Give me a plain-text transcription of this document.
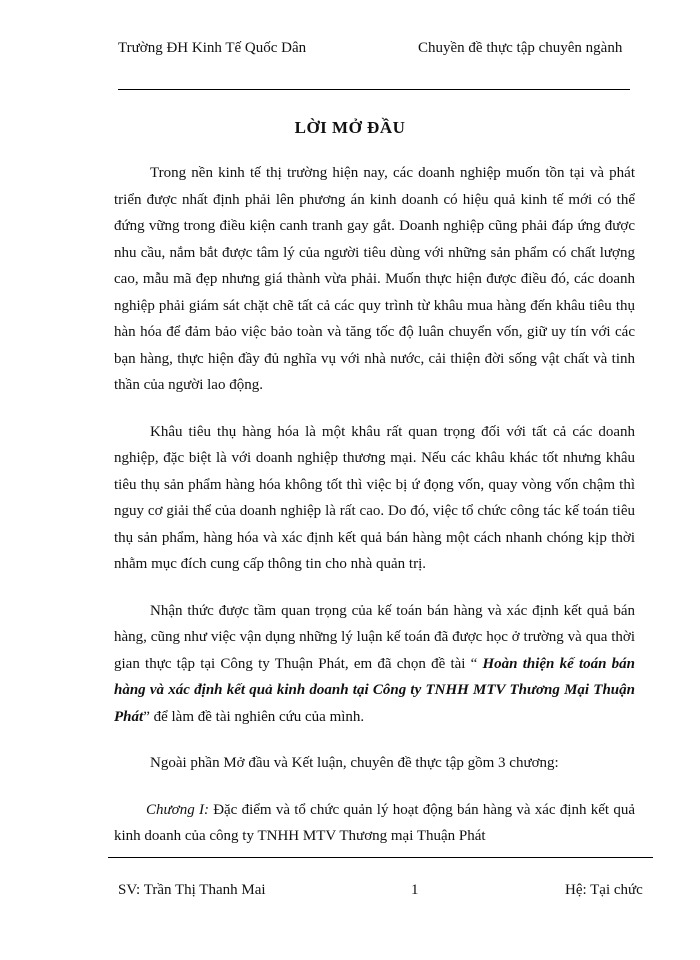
Trường ĐH Kinh Tế Quốc Dân	Chuyền đề thực tập chuyên ngành
LỜI MỞ ĐẦU

Trong nền kinh tế thị trường hiện nay, các doanh nghiệp muốn tồn tại và phát triển được nhất định phải lên phương án kinh doanh có hiệu quả kinh tế mới có thể đứng vững trong điều kiện canh tranh gay gắt. Doanh nghiệp cũng phải đáp ứng được nhu cầu, nắm bắt được tâm lý của người tiêu dùng với những sản phẩm có chất lượng cao, mẫu mã đẹp nhưng giá thành vừa phải. Muốn thực hiện được điều đó, các doanh nghiệp phải giám sát chặt chẽ tất cả các quy trình từ khâu mua hàng đến khâu tiêu thụ hàn hóa để đảm bảo việc bảo toàn và tăng tốc độ luân chuyển vốn, giữ uy tín với các bạn hàng, thực hiện đầy đủ nghĩa vụ với nhà nước, cải thiện đời sống vật chất và tinh thần của người lao động.

Khâu tiêu thụ hàng hóa là một khâu rất quan trọng đối với tất cả các doanh nghiệp, đặc biệt là với doanh nghiệp thương mại. Nếu các khâu khác tốt nhưng khâu tiêu thụ sản phẩm hàng hóa không tốt thì việc bị ứ đọng vốn, quay vòng vốn chậm thì nguy cơ giải thể của doanh nghiệp là rất cao. Do đó, việc tổ chức công tác kế toán tiêu thụ sản phẩm, hàng hóa và xác định kết quả bán hàng một cách nhanh chóng kịp thời nhằm mục đích cung cấp thông tin cho nhà quản trị.

Nhận thức được tầm quan trọng của kế toán bán hàng và xác định kết quả bán hàng, cũng như việc vận dụng những lý luận kế toán đã được học ở trường và qua thời gian thực tập tại Công ty Thuận Phát, em đã chọn đề tài “ Hoàn thiện kế toán bán hàng và xác định kết quả kinh doanh tại Công ty TNHH MTV Thương Mại Thuận Phát” để làm đề tài nghiên cứu của mình.

Ngoài phần Mở đầu và Kết luận, chuyên đề thực tập gồm 3 chương:

Chương I: Đặc điểm và tổ chức quản lý hoạt động bán hàng và xác định kết quả kinh doanh của công ty TNHH MTV Thương mại Thuận Phát

SV: Trần Thị Thanh Mai	1	Hệ: Tại chức
